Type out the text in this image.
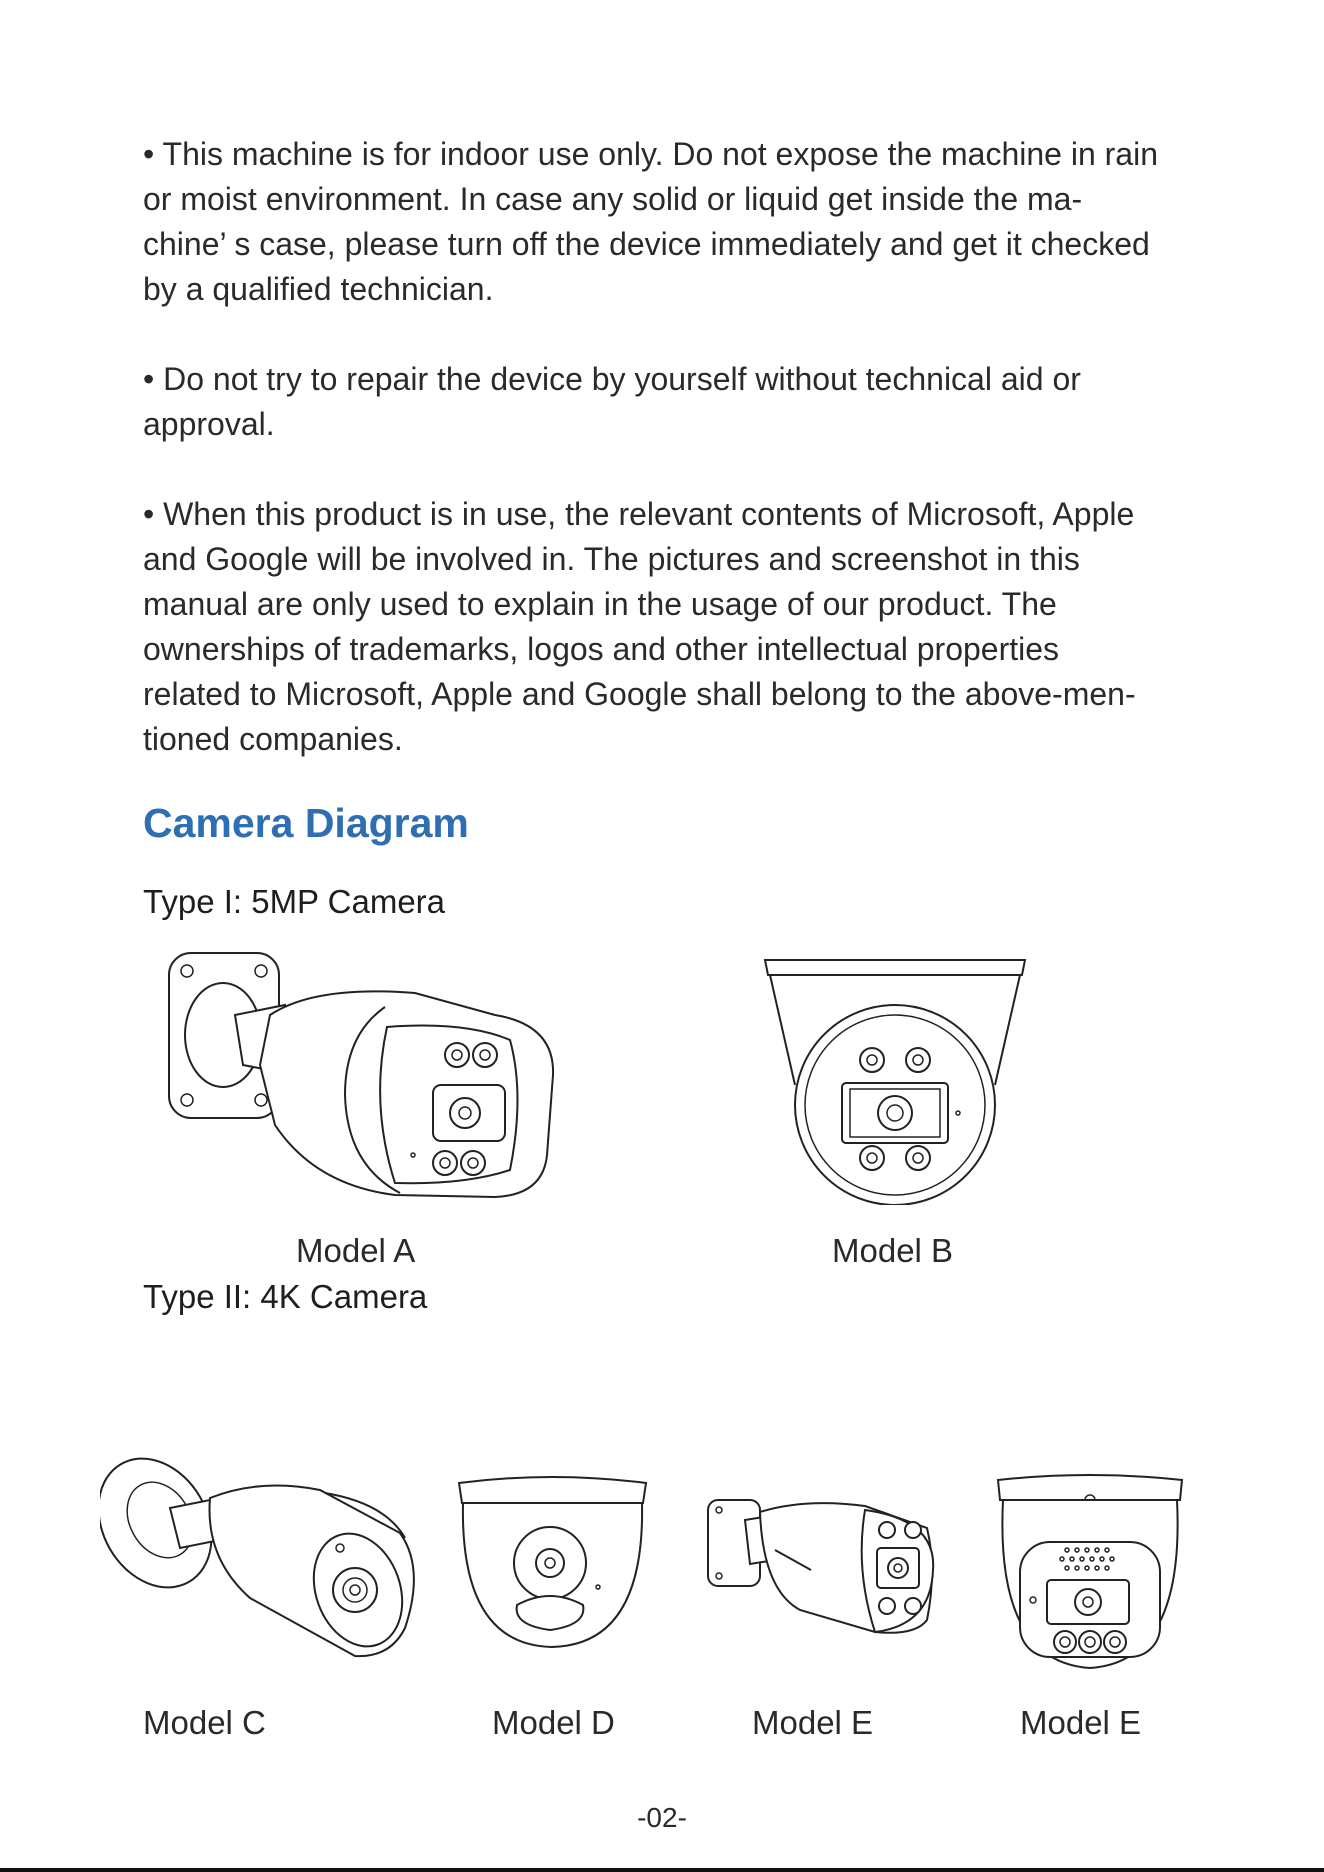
• This machine is for indoor use only. Do not expose the machine in rain
or moist environment. In case any solid or liquid get inside the ma-
chine’ s case, please turn off the device immediately and get it checked
by a qualified technician.

• Do not try to repair the device by yourself without technical aid or
approval.

• When this product is in use, the relevant contents of Microsoft, Apple
and Google will be involved in. The pictures and screenshot in this
manual are only used to explain in the usage of our product. The
ownerships of trademarks, logos and other intellectual properties
related to Microsoft, Apple and Google shall belong to the above-men-
tioned companies.

Camera Diagram
Type I: 5MP Camera
Model A	Model B
Type II: 4K Camera
Model C	Model D	Model E	Model E
-02-
